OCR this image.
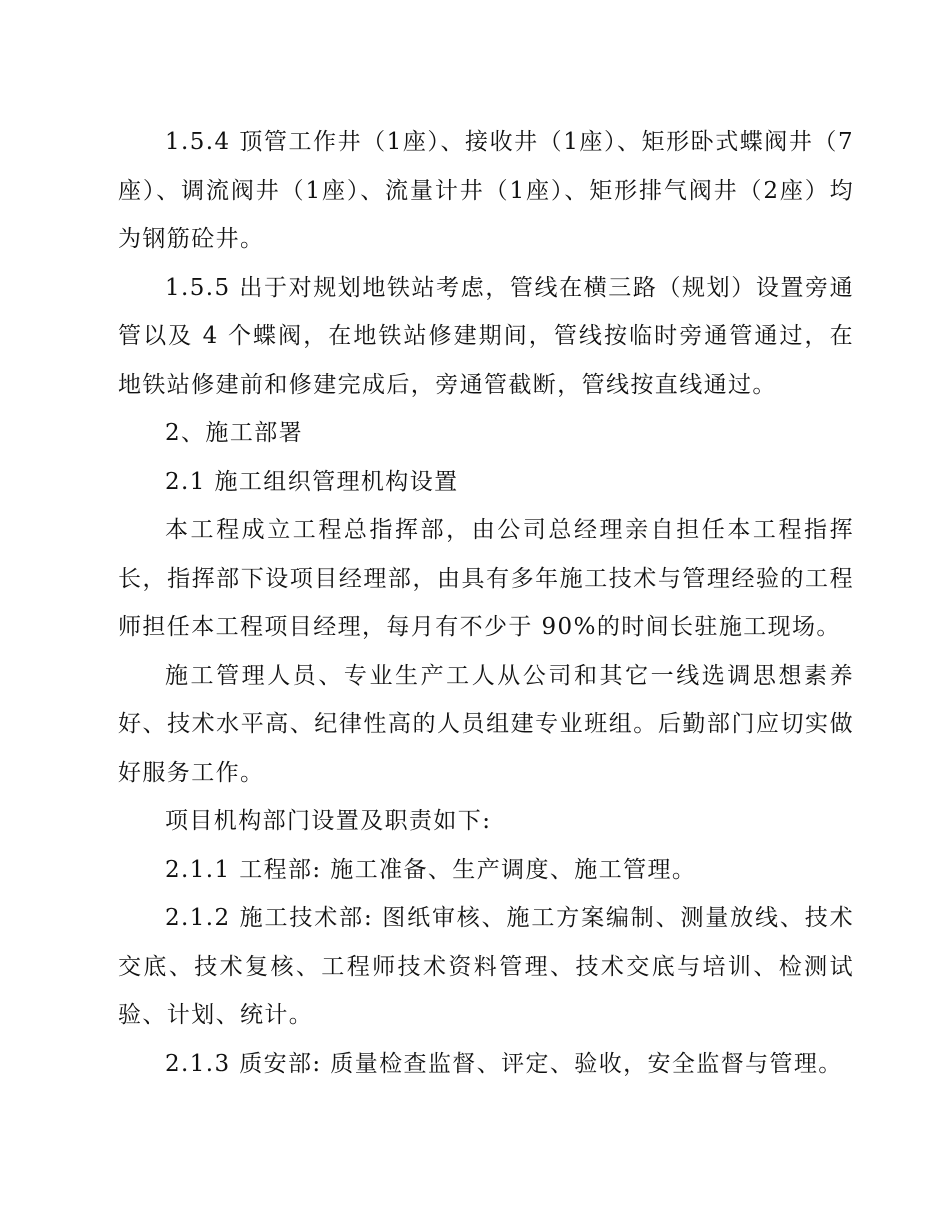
1.5.4 顶管工作井（1座）、接收井（1座）、矩形卧式蝶阀井（7座）、调流阀井（1座）、流量计井（1座）、矩形排气阀井（2座）均为钢筋砼井。

1.5.5 出于对规划地铁站考虑，管线在横三路（规划）设置旁通管以及 4 个蝶阀，在地铁站修建期间，管线按临时旁通管通过，在地铁站修建前和修建完成后，旁通管截断，管线按直线通过。

2、施工部署

2.1 施工组织管理机构设置

本工程成立工程总指挥部，由公司总经理亲自担任本工程指挥长，指挥部下设项目经理部，由具有多年施工技术与管理经验的工程师担任本工程项目经理，每月有不少于 90%的时间长驻施工现场。

施工管理人员、专业生产工人从公司和其它一线选调思想素养好、技术水平高、纪律性高的人员组建专业班组。后勤部门应切实做好服务工作。

项目机构部门设置及职责如下:

2.1.1 工程部: 施工准备、生产调度、施工管理。

2.1.2 施工技术部: 图纸审核、施工方案编制、测量放线、技术交底、技术复核、工程师技术资料管理、技术交底与培训、检测试验、计划、统计。

2.1.3 质安部: 质量检查监督、评定、验收，安全监督与管理。
